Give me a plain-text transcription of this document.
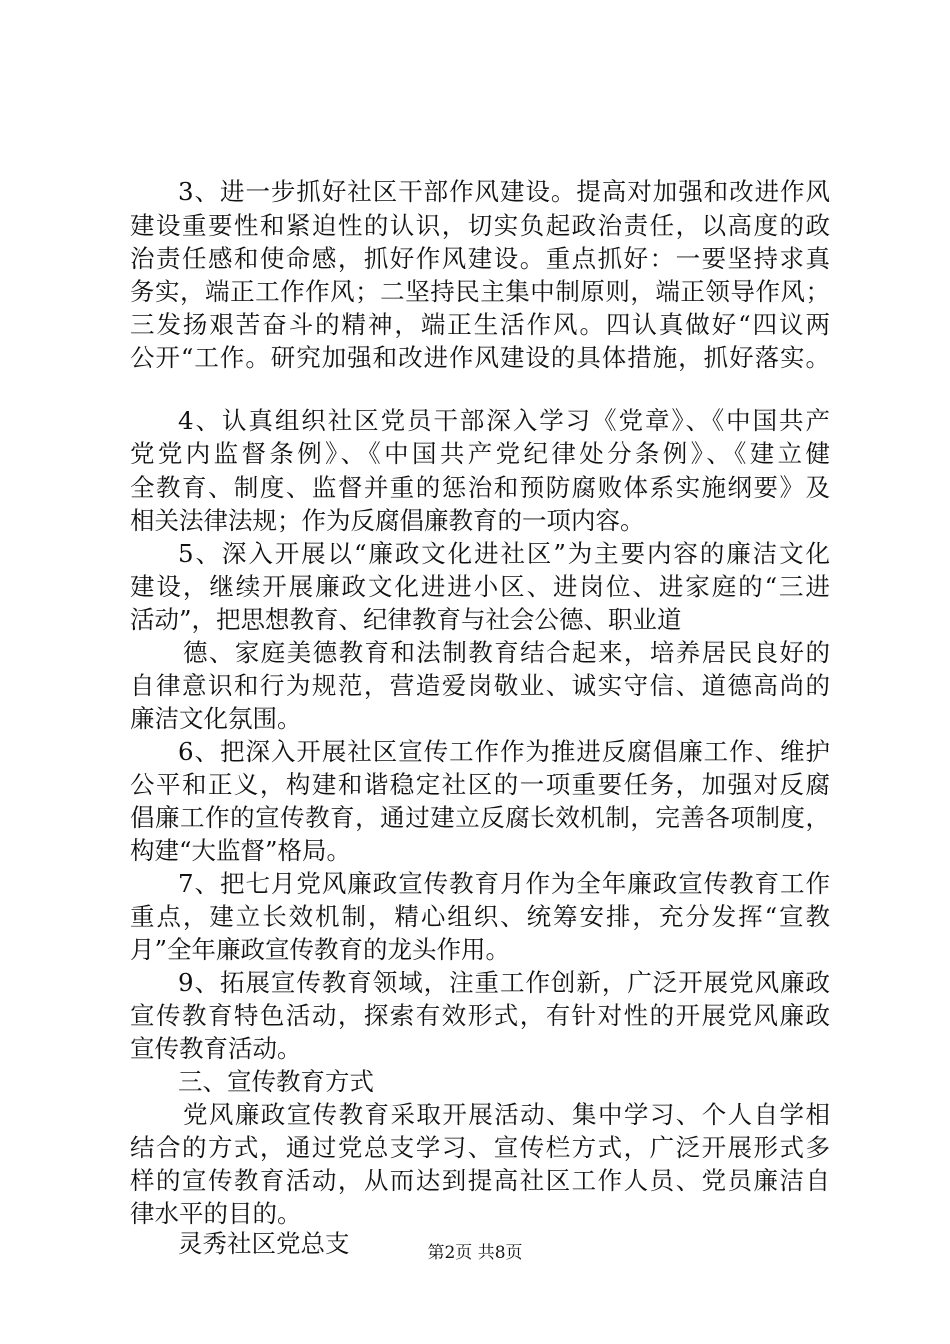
3、进一步抓好社区干部作风建设。提高对加强和改进作风
建设重要性和紧迫性的认识，切实负起政治责任，以高度的政
治责任感和使命感，抓好作风建设。重点抓好：一要坚持求真
务实，端正工作作风；二坚持民主集中制原则，端正领导作风；
三发扬艰苦奋斗的精神，端正生活作风。四认真做好“四议两
公开“工作。研究加强和改进作风建设的具体措施，抓好落实。
4、认真组织社区党员干部深入学习《党章》、《中国共产
党党内监督条例》、《中国共产党纪律处分条例》、《建立健
全教育、制度、监督并重的惩治和预防腐败体系实施纲要》及
相关法律法规；作为反腐倡廉教育的一项内容。
5、深入开展以“廉政文化进社区”为主要内容的廉洁文化
建设，继续开展廉政文化进进小区、进岗位、进家庭的“三进
活动”，把思想教育、纪律教育与社会公德、职业道
德、家庭美德教育和法制教育结合起来，培养居民良好的
自律意识和行为规范，营造爱岗敬业、诚实守信、道德高尚的
廉洁文化氛围。
6、把深入开展社区宣传工作作为推进反腐倡廉工作、维护
公平和正义，构建和谐稳定社区的一项重要任务，加强对反腐
倡廉工作的宣传教育，通过建立反腐长效机制，完善各项制度，
构建“大监督”格局。
7、把七月党风廉政宣传教育月作为全年廉政宣传教育工作
重点，建立长效机制，精心组织、统筹安排，充分发挥“宣教
月”全年廉政宣传教育的龙头作用。
9、拓展宣传教育领域，注重工作创新，广泛开展党风廉政
宣传教育特色活动，探索有效形式，有针对性的开展党风廉政
宣传教育活动。
三、宣传教育方式
党风廉政宣传教育采取开展活动、集中学习、个人自学相
结合的方式，通过党总支学习、宣传栏方式，广泛开展形式多
样的宣传教育活动，从而达到提高社区工作人员、党员廉洁自
律水平的目的。
灵秀社区党总支	第2页 共8页
